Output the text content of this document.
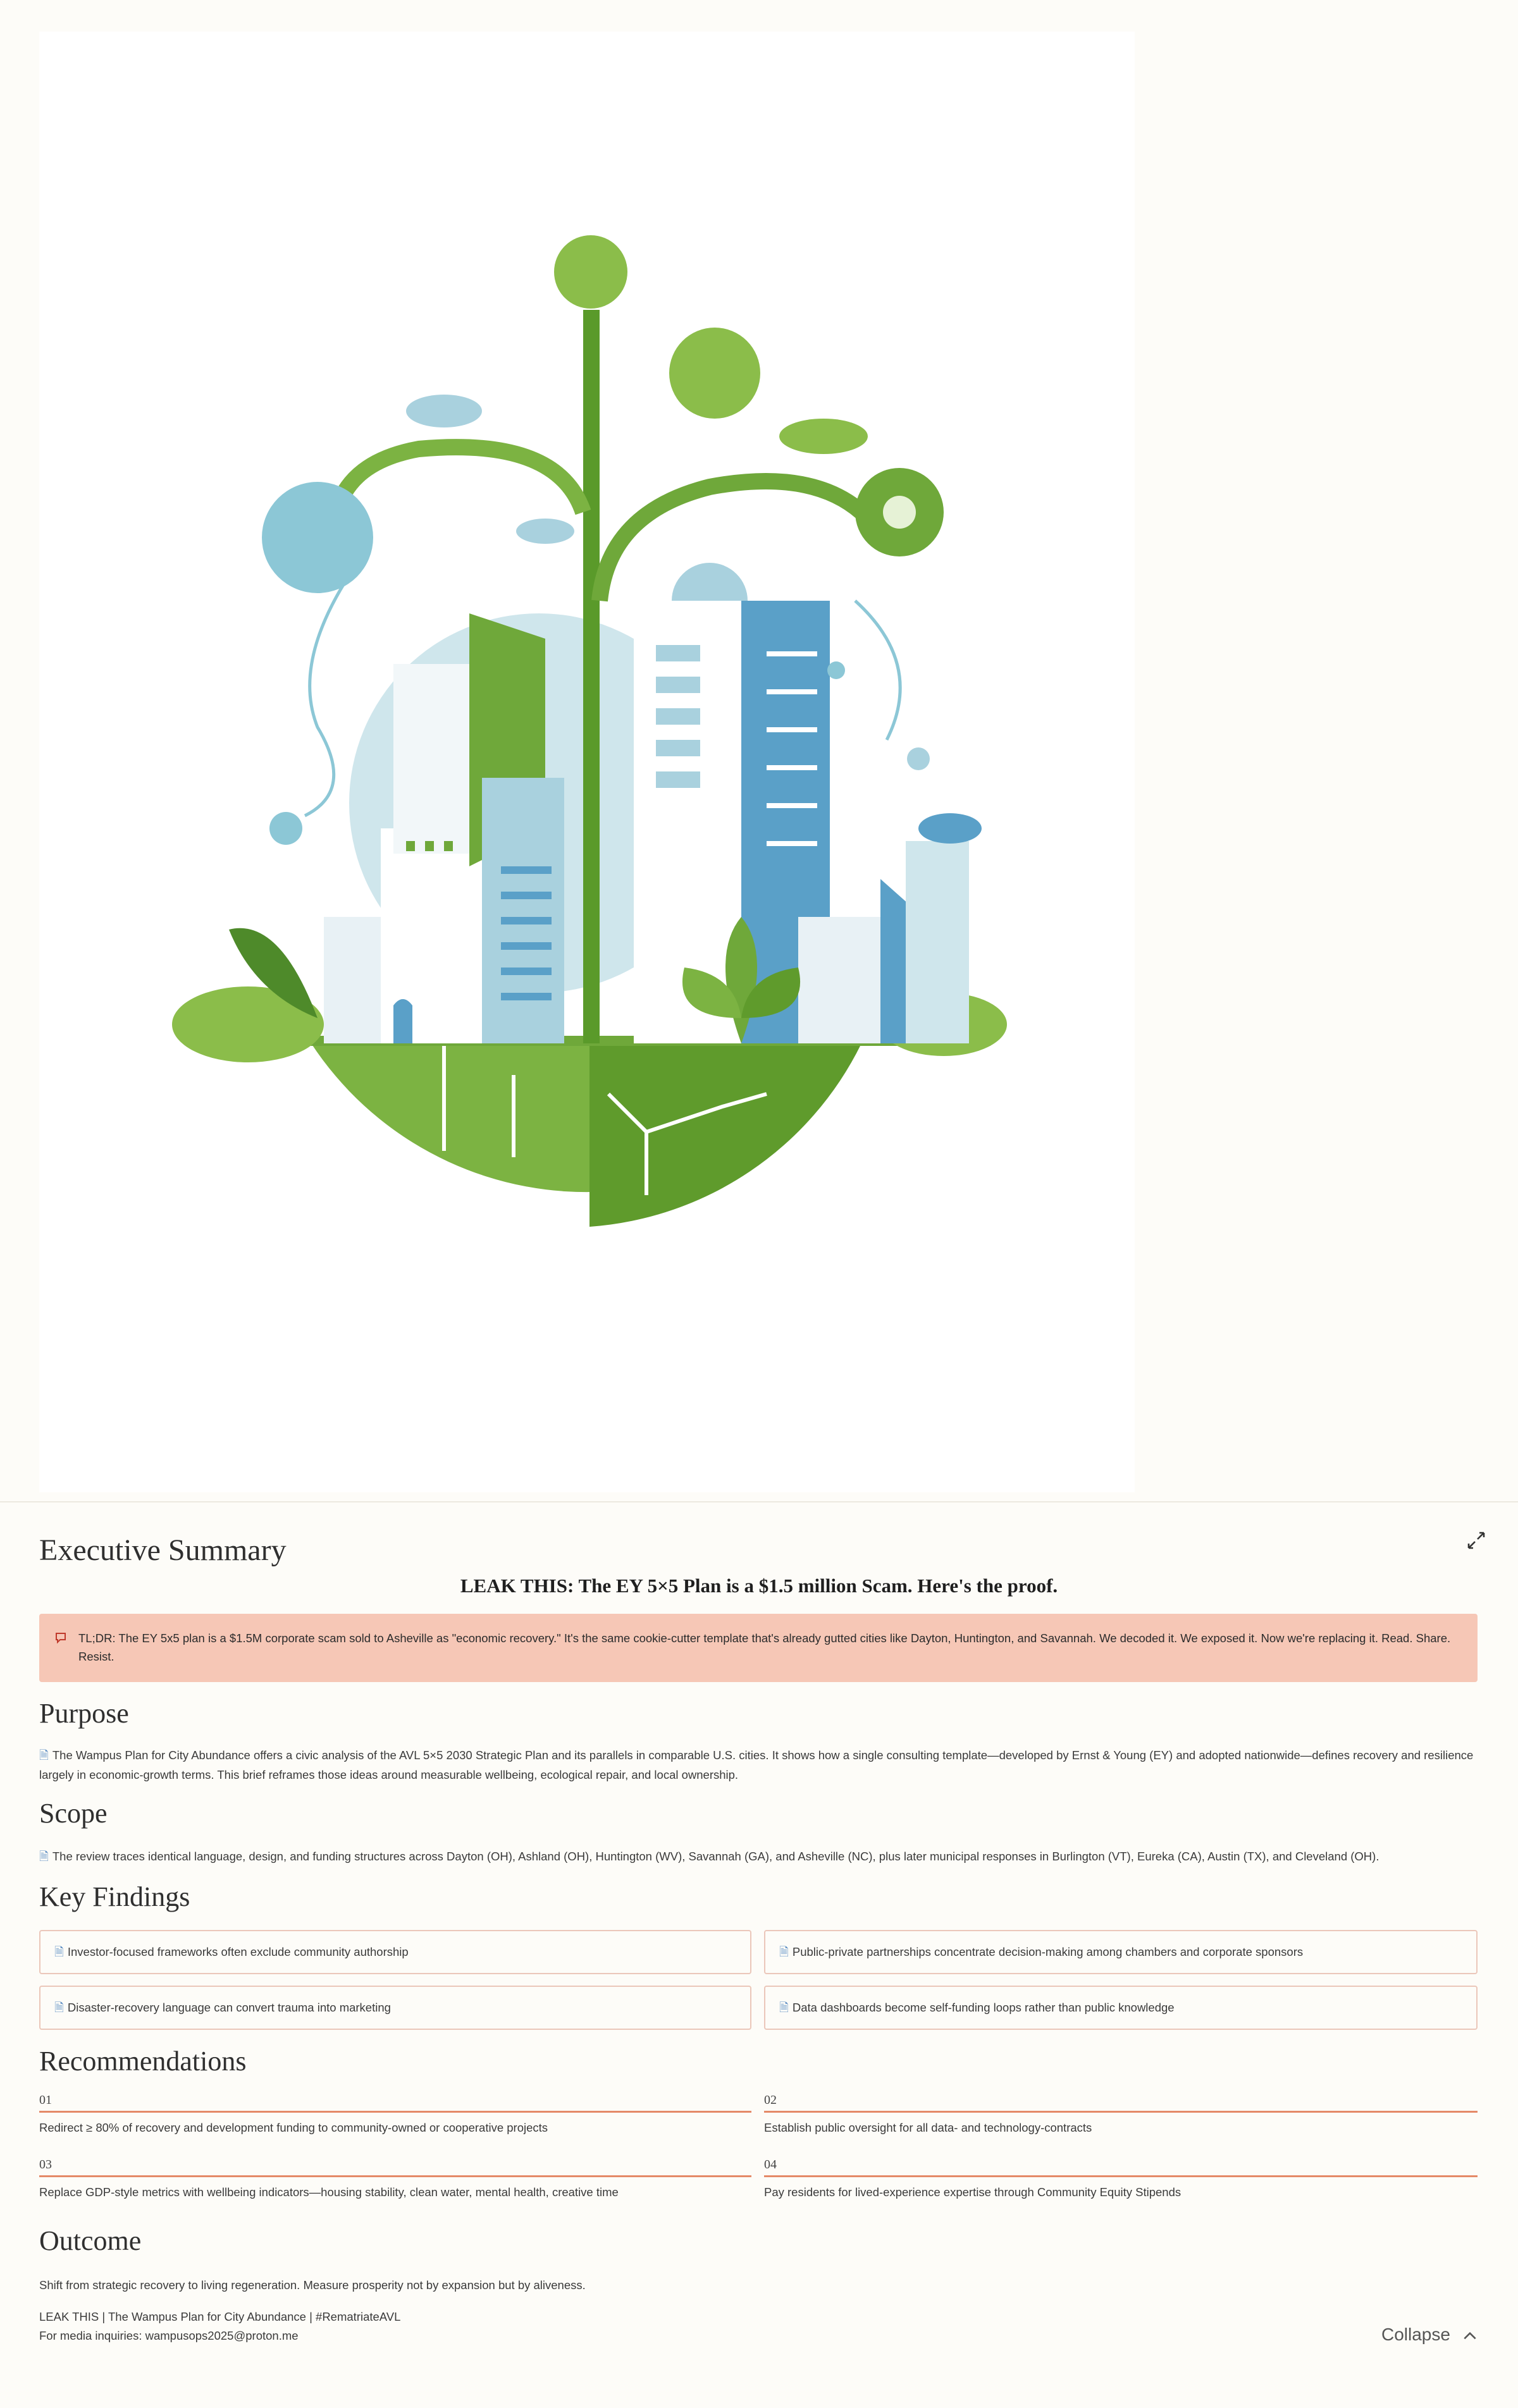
Executive Summary
LEAK THIS: The EY 5×5 Plan is a $1.5 million Scam. Here's the proof.
TL;DR: The EY 5x5 plan is a $1.5M corporate scam sold to Asheville as "economic recovery." It's the same cookie-cutter template that's already gutted cities like Dayton, Huntington, and Savannah. We decoded it. We exposed it. Now we're replacing it. Read. Share. Resist.
Purpose
🗎 The Wampus Plan for City Abundance offers a civic analysis of the AVL 5×5 2030 Strategic Plan and its parallels in comparable U.S. cities. It shows how a single consulting template—developed by Ernst & Young (EY) and adopted nationwide—defines recovery and resilience largely in economic-growth terms. This brief reframes those ideas around measurable wellbeing, ecological repair, and local ownership.
Scope
🗎 The review traces identical language, design, and funding structures across Dayton (OH), Ashland (OH), Huntington (WV), Savannah (GA), and Asheville (NC), plus later municipal responses in Burlington (VT), Eureka (CA), Austin (TX), and Cleveland (OH).
Key Findings
🗎 Investor-focused frameworks often exclude community authorship	🗎 Public-private partnerships concentrate decision-making among chambers and corporate sponsors
🗎 Disaster-recovery language can convert trauma into marketing	🗎 Data dashboards become self-funding loops rather than public knowledge
Recommendations
01
Redirect ≥ 80% of recovery and development funding to community-owned or cooperative projects
02
Establish public oversight for all data- and technology-contracts
03
Replace GDP-style metrics with wellbeing indicators—housing stability, clean water, mental health, creative time
04
Pay residents for lived-experience expertise through Community Equity Stipends
Outcome
Shift from strategic recovery to living regeneration. Measure prosperity not by expansion but by aliveness.
LEAK THIS | The Wampus Plan for City Abundance | #RematriateAVL
For media inquiries: wampusops2025@proton.me	Collapse
